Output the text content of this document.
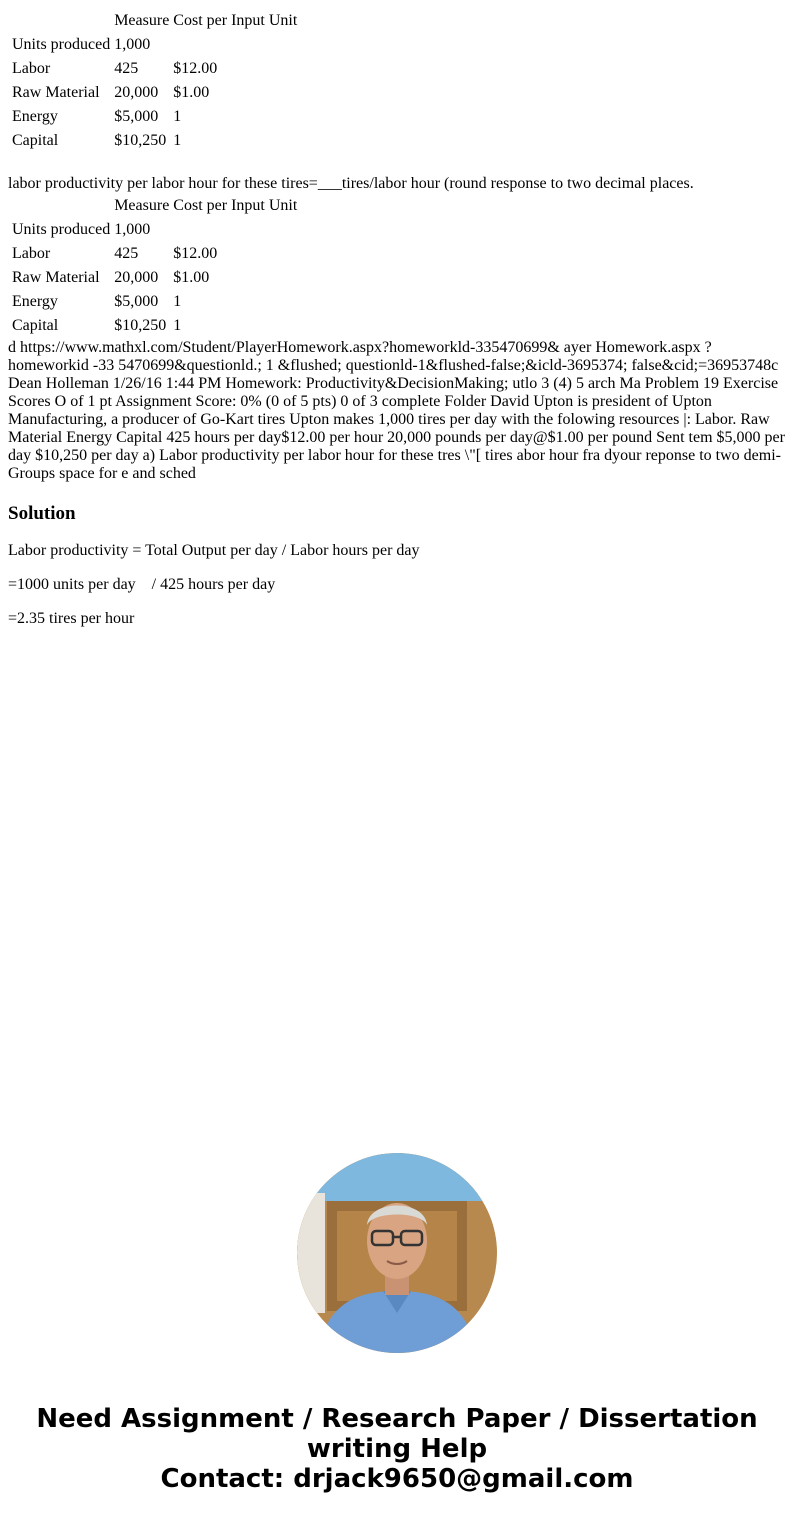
	Measure	Cost per Input Unit
Units produced	1,000	
Labor	425	$12.00
Raw Material	20,000	$1.00
Energy	$5,000	1
Capital	$10,250	1

labor productivity per labor hour for these tires=___tires/labor hour (round response to two decimal places.

	Measure	Cost per Input Unit
Units produced	1,000	
Labor	425	$12.00
Raw Material	20,000	$1.00
Energy	$5,000	1
Capital	$10,250	1

d https://www.mathxl.com/Student/PlayerHomework.aspx?homeworkld-335470699& ayer Homework.aspx ? homeworkid -33 5470699&questionld.; 1 &flushed; questionld-1&flushed-false;&icld-3695374; false&cid;=36953748c Dean Holleman 1/26/16 1:44 PM Homework: Productivity&DecisionMaking; utlo 3 (4) 5 arch Ma Problem 19 Exercise Scores O of 1 pt Assignment Score: 0% (0 of 5 pts) 0 of 3 complete Folder David Upton is president of Upton Manufacturing, a producer of Go-Kart tires Upton makes 1,000 tires per day with the folowing resources |: Labor. Raw Material Energy Capital 425 hours per day$12.00 per hour 20,000 pounds per day@$1.00 per pound Sent tem $5,000 per day $10,250 per day a) Labor productivity per labor hour for these tres \"[ tires abor hour fra dyour reponse to two demi- Groups space for e and sched

Solution

Labor productivity = Total Output per day / Labor hours per day

=1000 units per day    / 425 hours per day

=2.35 tires per hour

Need Assignment / Research Paper / Dissertation
writing Help
Contact: drjack9650@gmail.com
